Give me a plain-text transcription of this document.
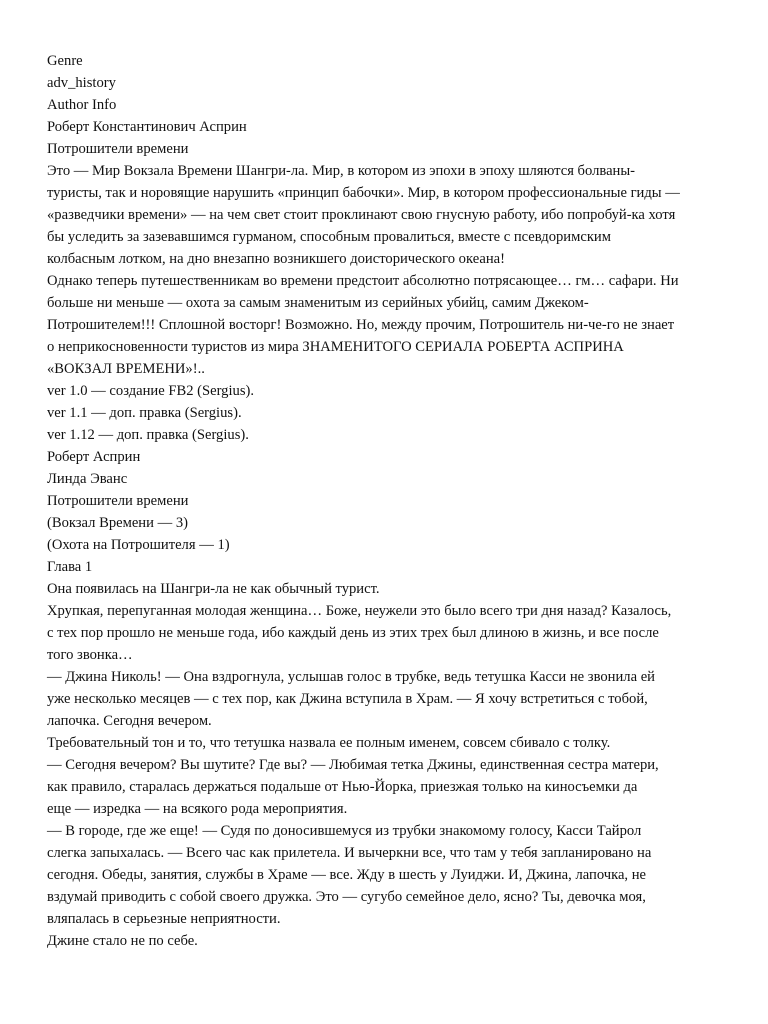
Genre
adv_history
Author Info
Роберт Константинович Асприн
Потрошители времени
Это — Мир Вокзала Времени Шангри-ла. Мир, в котором из эпохи в эпоху шляются болваны-
туристы, так и норовящие нарушить «принцип бабочки». Мир, в котором профессиональные гиды —
«разведчики времени» — на чем свет стоит проклинают свою гнусную работу, ибо попробуй-ка хотя
бы уследить за зазевавшимся гурманом, способным провалиться, вместе с псевдоримским
колбасным лотком, на дно внезапно возникшего доисторического океана!
Однако теперь путешественникам во времени предстоит абсолютно потрясающее… гм… сафари. Ни
больше ни меньше — охота за самым знаменитым из серийных убийц, самим Джеком-
Потрошителем!!! Сплошной восторг! Возможно. Но, между прочим, Потрошитель ни-че-го не знает
о неприкосновенности туристов из мира ЗНАМЕНИТОГО СЕРИАЛА РОБЕРТА АСПРИНА
«ВОКЗАЛ ВРЕМЕНИ»!..
ver 1.0 — создание FB2 (Sergius).
ver 1.1 — доп. правка (Sergius).
ver 1.12 — доп. правка (Sergius).
Роберт Асприн
Линда Эванс
Потрошители времени
(Вокзал Времени — 3)
(Охота на Потрошителя — 1)
Глава 1
Она появилась на Шангри-ла не как обычный турист.
Хрупкая, перепуганная молодая женщина… Боже, неужели это было всего три дня назад? Казалось,
с тех пор прошло не меньше года, ибо каждый день из этих трех был длиною в жизнь, и все после
того звонка…
— Джина Николь! — Она вздрогнула, услышав голос в трубке, ведь тетушка Касси не звонила ей
уже несколько месяцев — с тех пор, как Джина вступила в Храм. — Я хочу встретиться с тобой,
лапочка. Сегодня вечером.
Требовательный тон и то, что тетушка назвала ее полным именем, совсем сбивало с толку.
— Сегодня вечером? Вы шутите? Где вы? — Любимая тетка Джины, единственная сестра матери,
как правило, старалась держаться подальше от Нью-Йорка, приезжая только на киносъемки да
еще — изредка — на всякого рода мероприятия.
— В городе, где же еще! — Судя по доносившемуся из трубки знакомому голосу, Касси Тайрол
слегка запыхалась. — Всего час как прилетела. И вычеркни все, что там у тебя запланировано на
сегодня. Обеды, занятия, службы в Храме — все. Жду в шесть у Луиджи. И, Джина, лапочка, не
вздумай приводить с собой своего дружка. Это — сугубо семейное дело, ясно? Ты, девочка моя,
вляпалась в серьезные неприятности.
Джине стало не по себе.
